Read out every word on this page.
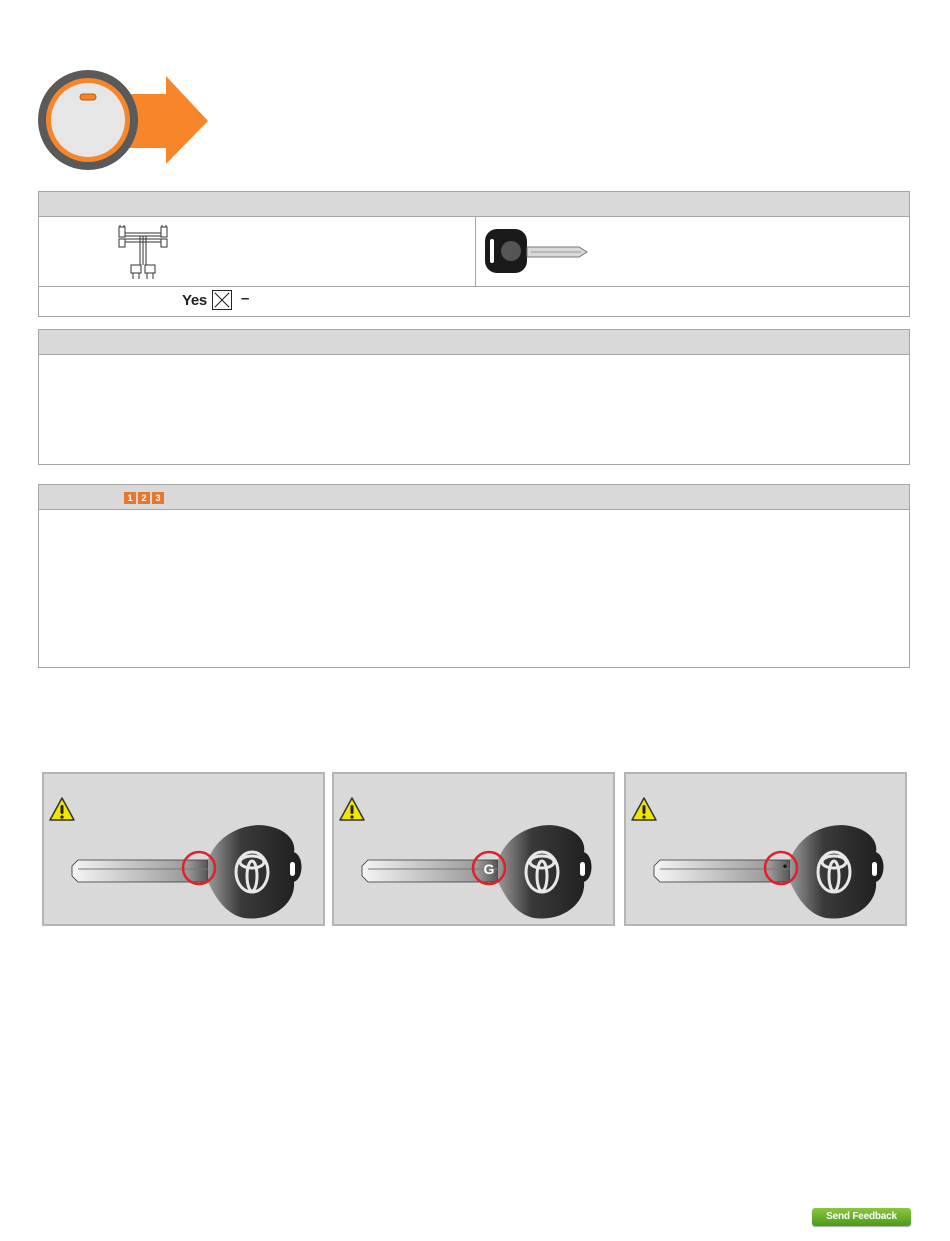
Yes –
1 2 3
G	•
Send Feedback
